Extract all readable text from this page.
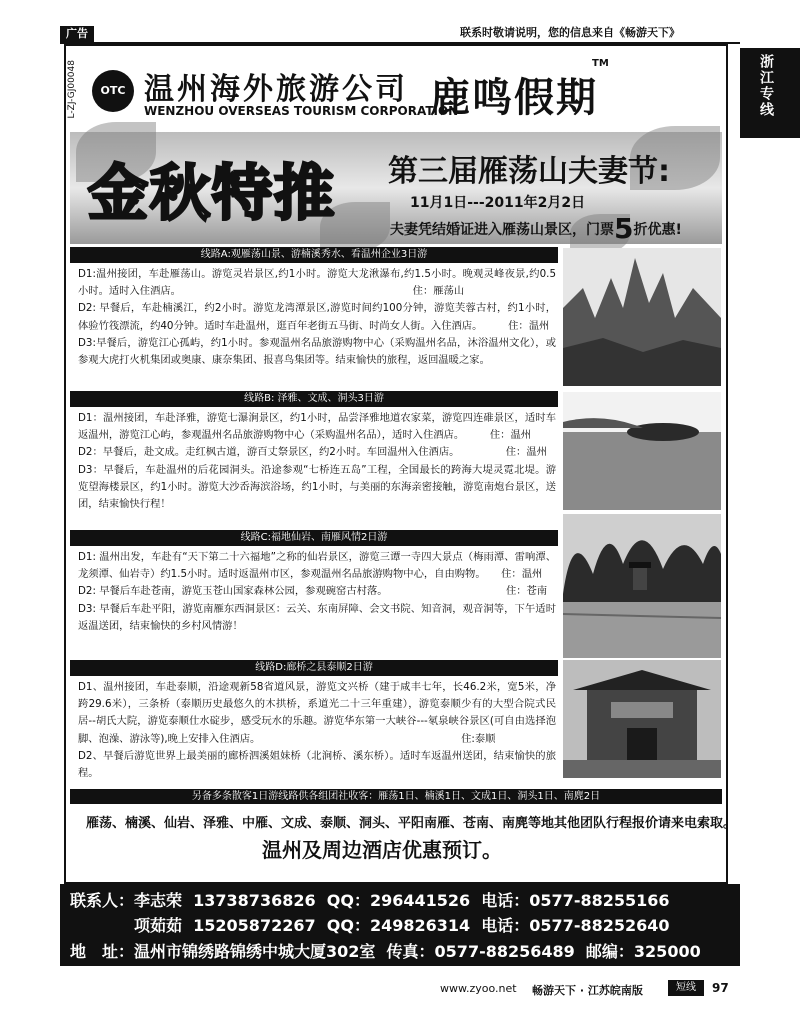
广告	联系时敬请说明，您的信息来自《畅游天下》
浙江专线
L-ZJ-GJ00048	OTC 温州海外旅游公司
WENZHOU OVERSEAS TOURISM CORPORATION
鹿鸣假期
TM
金秋特推 第三届雁荡山夫妻节:
11月1日---2011年2月2日
夫妻凭结婚证进入雁荡山景区，门票5折优惠!
线路A:观雁荡山景、游楠溪秀水、看温州企业3日游
D1:温州接团，车赴雁荡山。游览灵岩景区,约1小时。游览大龙湫瀑布,约1.5小时。晚观灵峰夜景,约0.5小时。适时入住酒店。　　　　　　　　　　　　　　　　　　　　　　　住：雁荡山
D2: 早餐后，车赴楠溪江，约2小时。游览龙湾潭景区,游览时间约100分钟，游览芙蓉古村，约1小时，体验竹筏漂流，约40分钟。适时车赴温州，逛百年老街五马街、时尚女人街。入住酒店。　　　住：温州
D3:早餐后，游览江心孤屿，约1小时。参观温州名品旅游购物中心（采购温州名品，沐浴温州文化），或参观大虎打火机集团或奥康、康奈集团、报喜鸟集团等。结束愉快的旅程，返回温暖之家。
线路B: 泽雅、文成、洞头3日游
D1：温州接团，车赴泽雅，游览七瀑涧景区，约1小时，品尝泽雅地道农家菜，游览四连碓景区，适时车返温州，游览江心屿，参观温州名品旅游购物中心（采购温州名品），适时入住酒店。　　　住：温州
D2：早餐后，赴文成。走红枫古道，游百丈祭景区，约2小时。车回温州入住酒店。　　　　　住：温州
D3：早餐后，车赴温州的后花园洞头。沿途参观“七桥连五岛”工程，全国最长的跨海大堤灵霓北堤。游览望海楼景区，约1小时。游览大沙岙海滨浴场，约1小时，与美丽的东海亲密接触，游览南炮台景区，送团，结束愉快行程！
线路C:福地仙岩、南雁风情2日游
D1: 温州出发，车赴有“天下第二十六福地”之称的仙岩景区，游览三谭一寺四大景点（梅雨潭、雷响潭、龙须潭、仙岩寺）约1.5小时。适时返温州市区，参观温州名品旅游购物中心，自由购物。　　住：温州
D2: 早餐后车赴苍南，游览玉苍山国家森林公园，参观碗窑古村落。　　　　　　　　　　　　住：苍南
D3: 早餐后车赴平阳，游览南雁东西洞景区：云关、东南屏障、会文书院、知音洞，观音洞等，下午适时返温送团，结束愉快的乡村风情游！
线路D:廊桥之县泰顺2日游
D1、温州接团，车赴泰顺，沿途观新58省道风景，游览文兴桥（建于咸丰七年，长46.2米，宽5米，净跨29.6米），三条桥（泰顺历史最悠久的木拱桥，系道光二十三年重建），游览泰顺少有的大型合院式民居--胡氏大院，游览泰顺仕水碇步，感受玩水的乐趣。游览华东第一大峡谷---氡泉峡谷景区(可自由选择泡脚、泡澡、游泳等),晚上安排入住酒店。　　　　　　　　　　　　　　　　　　　　住:泰顺
D2、早餐后游览世界上最美丽的廊桥泗溪姐妹桥（北涧桥、溪东桥）。适时车返温州送团，结束愉快的旅程。
另备多条散客1日游线路供各组团社收客：雁荡1日、楠溪1日、文成1日、洞头1日、南麂2日
雁荡、楠溪、仙岩、泽雅、中雁、文成、泰顺、洞头、平阳南雁、苍南、南麂等地其他团队行程报价请来电索取。
温州及周边酒店优惠预订。
联系人：李志荣  13738736826  QQ：296441526  电话：0577-88255166
　　　　项茹茹  15205872267  QQ：249826314  电话：0577-88252640
地　址：温州市锦绣路锦绣中城大厦302室  传真：0577-88256489  邮编：325000
www.zyoo.net 畅游天下 · 江苏皖南版	短线	97
